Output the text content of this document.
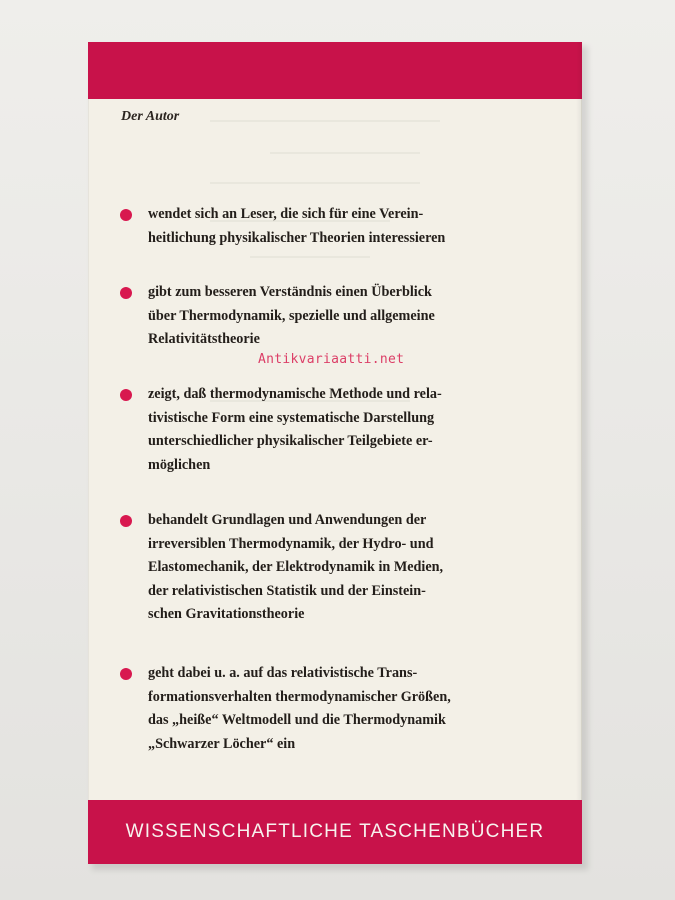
WISSENSCHAFTLICHE TASCHENBÜCHER

Der Autor

wendet sich an Leser, die sich für eine Verein-
heitlichung physikalischer Theorien interessieren

gibt zum besseren Verständnis einen Überblick
über Thermodynamik, spezielle und allgemeine
Relativitätstheorie

zeigt, daß thermodynamische Methode und rela-
tivistische Form eine systematische Darstellung
unterschiedlicher physikalischer Teilgebiete er-
möglichen

behandelt Grundlagen und Anwendungen der
irreversiblen Thermodynamik, der Hydro- und
Elastomechanik, der Elektrodynamik in Medien,
der relativistischen Statistik und der Einstein-
schen Gravitationstheorie

geht dabei u. a. auf das relativistische Trans-
formationsverhalten thermodynamischer Größen,
das „heiße“ Weltmodell und die Thermodynamik
„Schwarzer Löcher“ ein

Antikvariaatti.net
